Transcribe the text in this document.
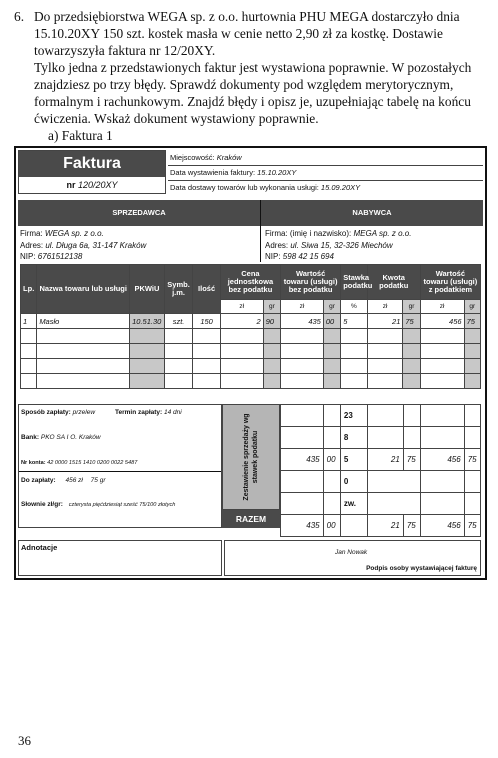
6. Do przedsiębiorstwa WEGA sp. z o.o. hurtownia PHU MEGA dostarczyło dnia 15.10.20XY 150 szt. kostek masła w cenie netto 2,90 zł za kostkę. Dostawie towarzyszyła faktura nr 12/20XY.

Tylko jedna z przedstawionych faktur jest wystawiona poprawnie. W pozostałych znajdziesz po trzy błędy. Sprawdź dokumenty pod względem merytorycznym, formalnym i rachunkowym. Znajdź błędy i opisz je, uzupełniając tabelę na końcu ćwiczenia. Wskaż dokument wystawiony poprawnie.

a) Faktura 1

Faktura
nr 120/20XY
Miejscowość: Kraków
Data wystawienia faktury: 15.10.20XY
Data dostawy towarów lub wykonania usługi: 15.09.20XY
SPRZEDAWCA	NABYWCA
Firma: WEGA sp. z o.o.
Adres: ul. Długa 6a, 31-147 Kraków
NIP: 6761512138
Firma: (imię i nazwisko): MEGA sp. z o.o.
Adres: ul. Siwa 15, 32-326 Miechów
NIP: 598 42 15 694
Lp.	Nazwa towaru lub usługi	PKWiU	Symb. j.m.	Ilość	Cena jednostkowa bez podatku		Wartość towaru (usługi) bez podatku		Stawka podatku	Kwota podatku		Wartość towaru (usługi) z podatkiem	
					zł	gr	zł	gr	%	zł	gr	zł	gr
1	Masło	10.51.30	szt.	150	2	90	435	00	5	21	75	456	75

Sposób zapłaty: przelew	Termin zapłaty: 14 dni
Bank: PKO SA I O. Kraków
Nr konta: 42 0000 1515 1410 0200 0022 5487
Do zapłaty: 456 zł 75 gr
Słownie zł/gr: czterysta pięćdziesiąt sześć 75/100 złotych
Zestawienie sprzedaży wg stawek podatku
RAZEM
		23				
		8				
435	00	5	21	75	456	75
		0				
		zw.				
435	00		21	75	456	75
Adnotacje
Jan Nowak
Podpis osoby wystawiającej fakturę
36
